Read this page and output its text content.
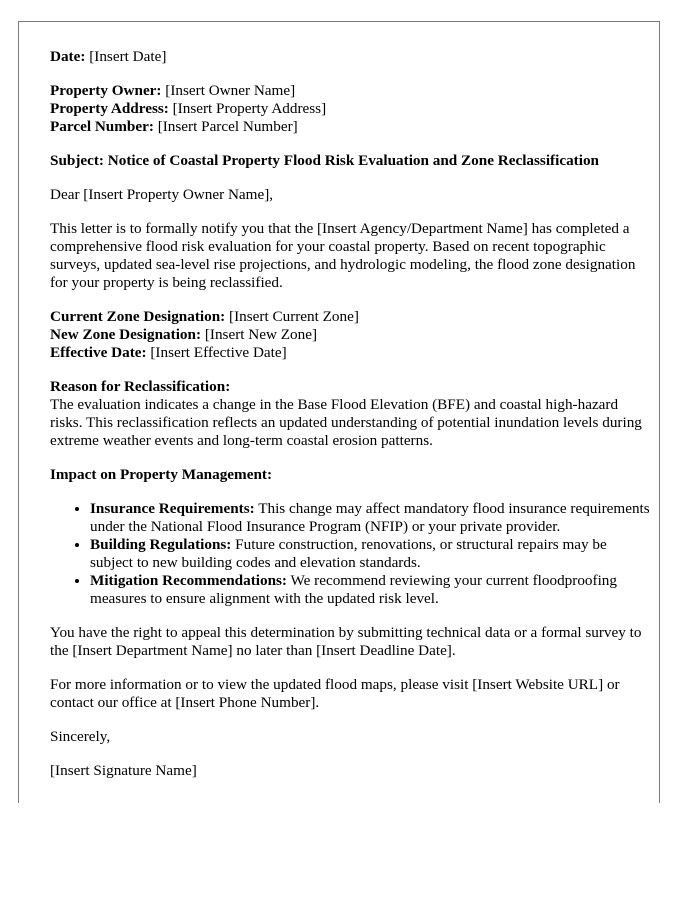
Date: [Insert Date]
Property Owner: [Insert Owner Name]
Property Address: [Insert Property Address]
Parcel Number: [Insert Parcel Number]
Subject: Notice of Coastal Property Flood Risk Evaluation and Zone Reclassification
Dear [Insert Property Owner Name],
This letter is to formally notify you that the [Insert Agency/Department Name] has completed a comprehensive flood risk evaluation for your coastal property. Based on recent topographic surveys, updated sea-level rise projections, and hydrologic modeling, the flood zone designation for your property is being reclassified.
Current Zone Designation: [Insert Current Zone]
New Zone Designation: [Insert New Zone]
Effective Date: [Insert Effective Date]
Reason for Reclassification:
The evaluation indicates a change in the Base Flood Elevation (BFE) and coastal high-hazard risks. This reclassification reflects an updated understanding of potential inundation levels during extreme weather events and long-term coastal erosion patterns.
Impact on Property Management:
• Insurance Requirements: This change may affect mandatory flood insurance requirements under the National Flood Insurance Program (NFIP) or your private provider.
• Building Regulations: Future construction, renovations, or structural repairs may be subject to new building codes and elevation standards.
• Mitigation Recommendations: We recommend reviewing your current floodproofing measures to ensure alignment with the updated risk level.
You have the right to appeal this determination by submitting technical data or a formal survey to the [Insert Department Name] no later than [Insert Deadline Date].
For more information or to view the updated flood maps, please visit [Insert Website URL] or contact our office at [Insert Phone Number].
Sincerely,
[Insert Signature Name]
